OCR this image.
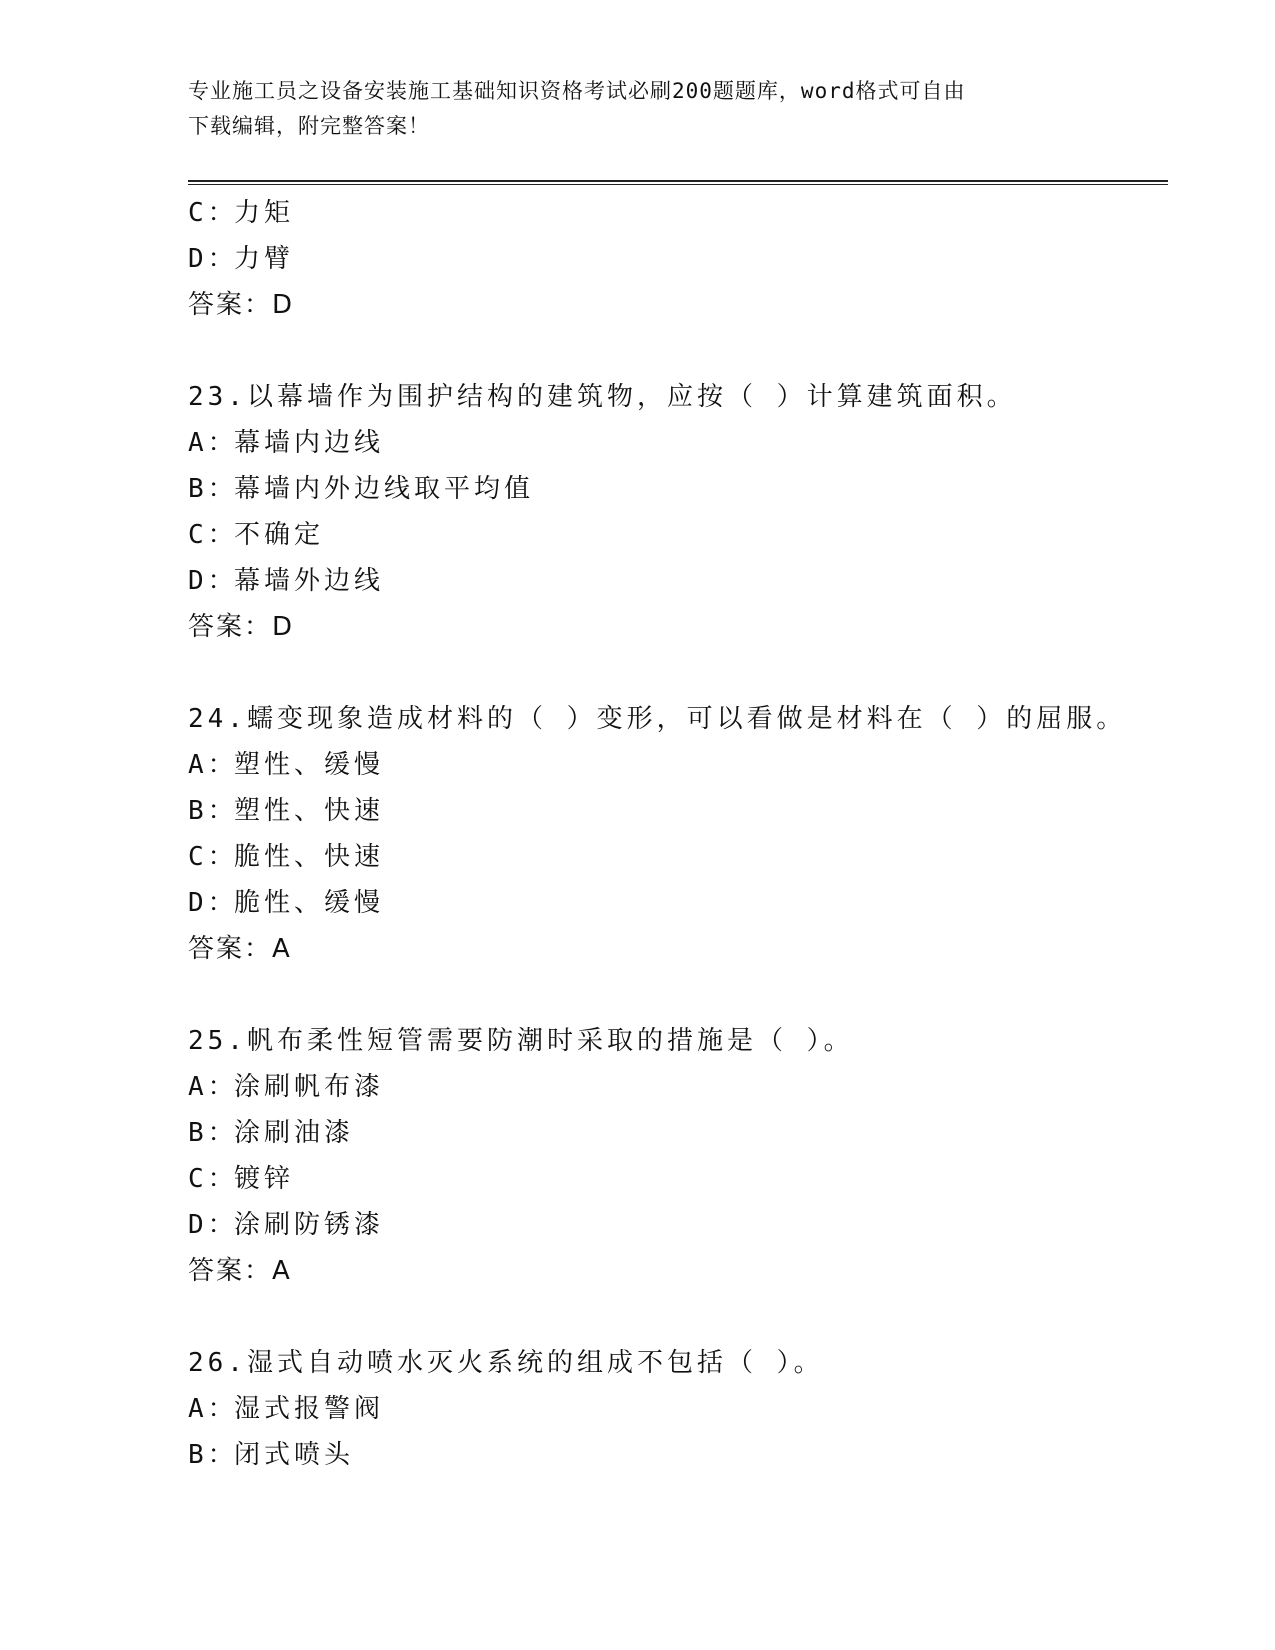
专业施工员之设备安装施工基础知识资格考试必刷200题题库，word格式可自由
下载编辑，附完整答案！
C：力矩
D：力臂
答案：D
23.以幕墙作为围护结构的建筑物，应按（ ）计算建筑面积。
A：幕墙内边线
B：幕墙内外边线取平均值
C：不确定
D：幕墙外边线
答案：D
24.蠕变现象造成材料的（ ）变形，可以看做是材料在（ ）的屈服。
A：塑性、缓慢
B：塑性、快速
C：脆性、快速
D：脆性、缓慢
答案：A
25.帆布柔性短管需要防潮时采取的措施是（ ）。
A：涂刷帆布漆
B：涂刷油漆
C：镀锌
D：涂刷防锈漆
答案：A
26.湿式自动喷水灭火系统的组成不包括（ ）。
A：湿式报警阀
B：闭式喷头
